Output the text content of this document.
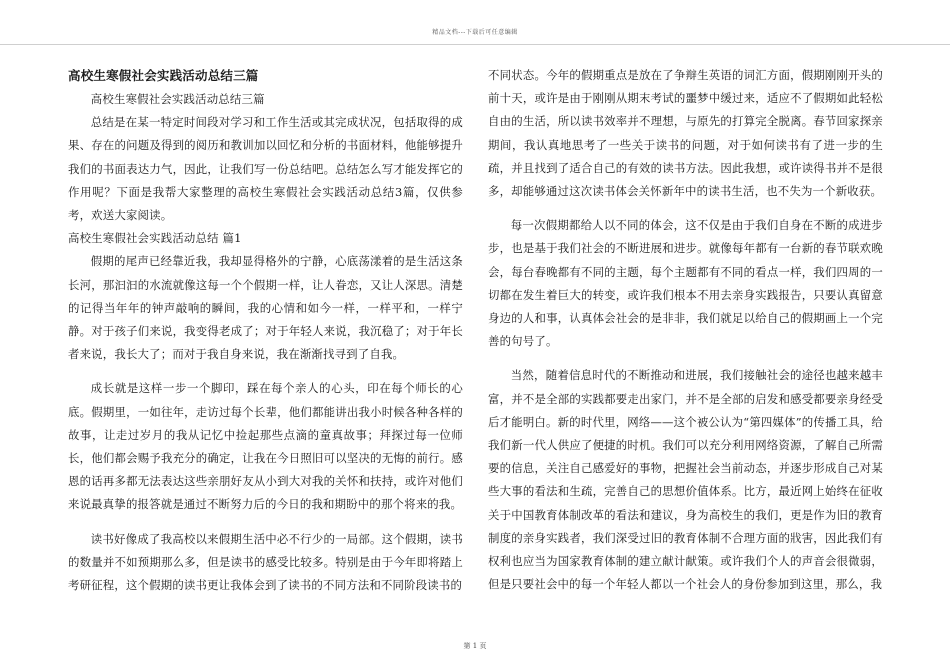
精品文档---下载后可任意编辑
高校生寒假社会实践活动总结三篇

高校生寒假社会实践活动总结三篇

总结是在某一特定时间段对学习和工作生活或其完成状况，包括取得的成果、存在的问题及得到的阅历和教训加以回忆和分析的书面材料，他能够提升我们的书面表达力气，因此，让我们写一份总结吧。总结怎么写才能发挥它的作用呢？下面是我帮大家整理的高校生寒假社会实践活动总结3篇，仅供参考，欢送大家阅读。

高校生寒假社会实践活动总结 篇1

假期的尾声已经靠近我，我却显得格外的宁静，心底荡漾着的是生活这条长河，那汩汩的水流就像这每一个个假期一样，让人眷恋，又让人深思。清楚的记得当年年的钟声敲响的瞬间，我的心情和如今一样，一样平和，一样宁静。对于孩子们来说，我变得老成了；对于年轻人来说，我沉稳了；对于年长者来说，我长大了；而对于我自身来说，我在渐渐找寻到了自我。

成长就是这样一步一个脚印，踩在每个亲人的心头，印在每个师长的心底。假期里，一如往年，走访过每个长辈，他们都能讲出我小时候各种各样的故事，让走过岁月的我从记忆中捡起那些点滴的童真故事；拜探过每一位师长，他们都会赐予我充分的确定，让我在今日照旧可以坚决的无悔的前行。感恩的话再多都无法表达这些亲朋好友从小到大对我的关怀和扶持，或许对他们来说最真挚的报答就是通过不断努力后的今日的我和期盼中的那个将来的我。

读书好像成了我高校以来假期生活中必不行少的一局部。这个假期，读书的数量并不如预期那么多，但是读书的感受比较多。特别是由于今年即将踏上考研征程，这个假期的读书更让我体会到了读书的不同方法和不同阶段读书的

不同状态。今年的假期重点是放在了争辩生英语的词汇方面，假期刚刚开头的前十天，或许是由于刚刚从期末考试的噩梦中缓过来，适应不了假期如此轻松自由的生活，所以读书效率并不理想，与原先的打算完全脱离。春节回家探亲期间，我认真地思考了一些关于读书的问题，对于如何读书有了进一步的生疏，并且找到了适合自己的有效的读书方法。因此我想，或许读得书并不是很多，却能够通过这次读书体会关怀新年中的读书生活，也不失为一个新收获。

每一次假期都给人以不同的体会，这不仅是由于我们自身在不断的成进步步，也是基于我们社会的不断进展和进步。就像每年都有一台新的春节联欢晚会，每台春晚都有不同的主题，每个主题都有不同的看点一样，我们四周的一切都在发生着巨大的转变，或许我们根本不用去亲身实践报告，只要认真留意身边的人和事，认真体会社会的是非非，我们就足以给自己的假期画上一个完善的句号了。

当然，随着信息时代的不断推动和进展，我们接触社会的途径也越来越丰富，并不是全部的实践都要走出家门，并不是全部的启发和感受都要亲身经受后才能明白。新的时代里，网络——这个被公认为“第四媒体”的传播工具，给我们新一代人供应了便捷的时机。我们可以充分利用网络资源，了解自己所需要的信息，关注自己感爱好的事物，把握社会当前动态，并逐步形成自己对某些大事的看法和生疏，完善自己的思想价值体系。比方，最近网上始终在征收关于中国教育体制改革的看法和建议，身为高校生的我们，更是作为旧的教育制度的亲身实践者，我们深受过旧的教育体制不合理方面的戕害，因此我们有权利也应当为国家教育体制的建立献计献策。或许我们个人的声音会很微弱，但是只要社会中的每一个年轻人都以一个社会人的身份参加到这里，那么，我

第 1 页
